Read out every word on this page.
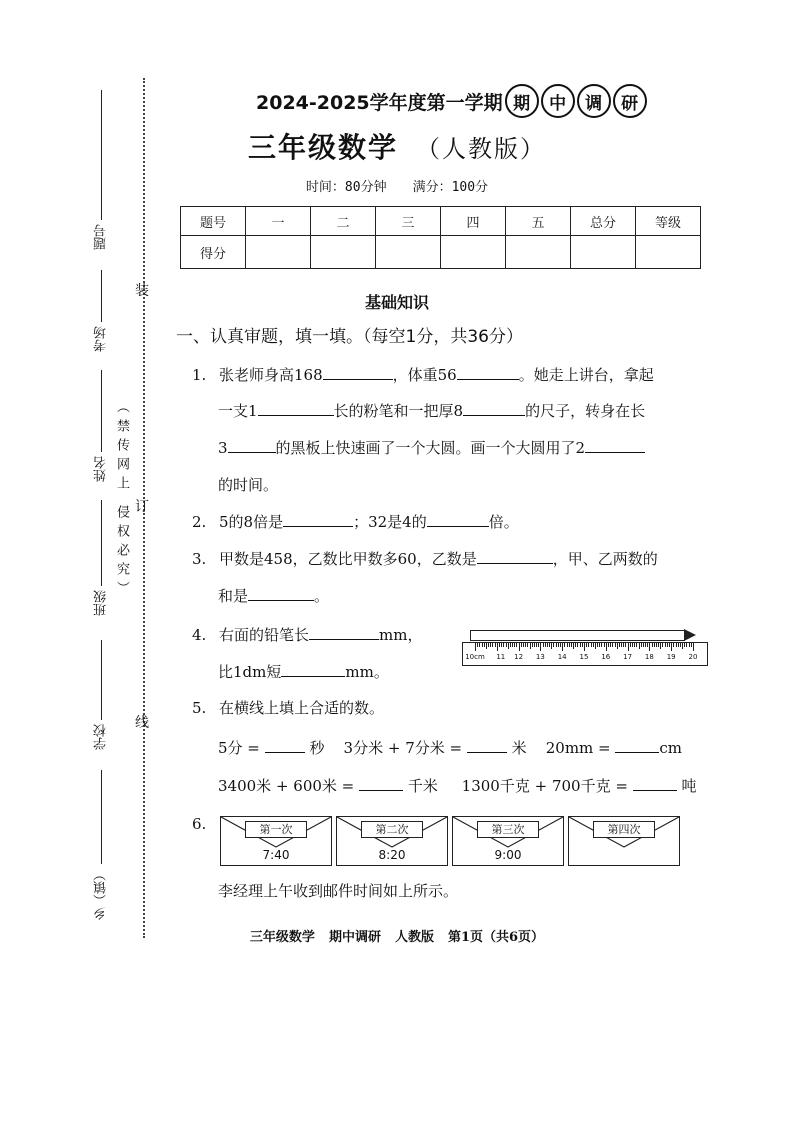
题号
考场
姓名
班级
学校
乡（镇）
（禁传网上 侵权必究）
装
订
线
2024-2025学年度第一学期 期	中	调	研
三年级数学 （人教版）
时间：80分钟 满分：100分
题号	一	二	三	四	五	总分	等级
得分							
基础知识
一、认真审题，填一填。（每空1分，共36分）
1. 张老师身高168	，体重56	。她走上讲台，拿起
一支1	长的粉笔和一把厚8	的尺子，转身在长
3	的黑板上快速画了一个大圆。画一个大圆用了2
的时间。
2. 5的8倍是	；32是4的	倍。
3. 甲数是458，乙数比甲数多60，乙数是	，甲、乙两数的
和是	。
4. 右面的铅笔长	mm，
比1dm短	mm。
10cm 11 12 13 14 15 16 17 18 19 20
5. 在横线上填上合适的数。
5分 =	秒 3分米 + 7分米 =	米 20mm =	cm
3400米 + 600米 =	千米 1300千克 + 700千克 =	吨
6.	第一次
7:40
第二次
8:20
第三次
9:00
第四次
李经理上午收到邮件时间如上所示。
三年级数学 期中调研 人教版 第1页（共6页）
